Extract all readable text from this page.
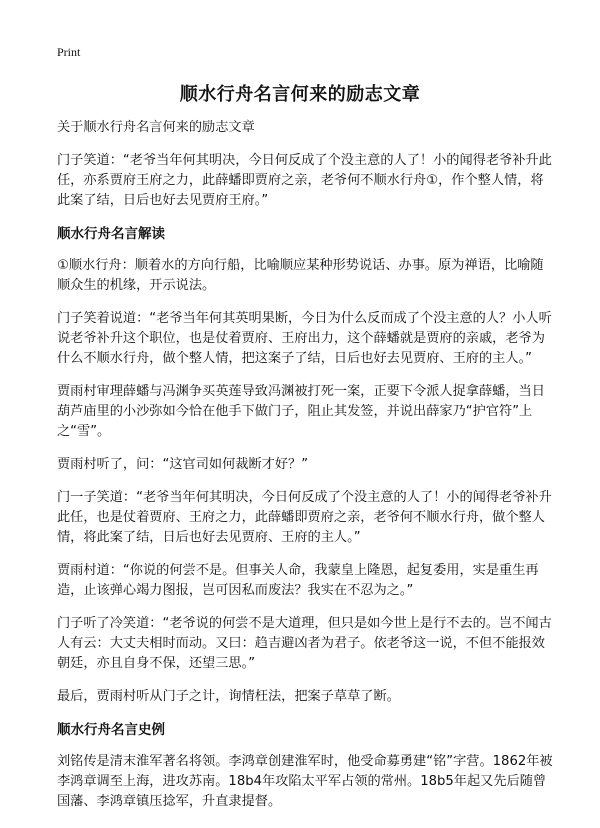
Print
顺水行舟名言何来的励志文章

关于顺水行舟名言何来的励志文章

门子笑道：“老爷当年何其明决，今日何反成了个没主意的人了！小的闻得老爷补升此任，亦系贾府王府之力，此薛蟠即贾府之亲，老爷何不顺水行舟①，作个整人情，将此案了结，日后也好去见贾府王府。”

顺水行舟名言解读

①顺水行舟：顺着水的方向行船，比喻顺应某种形势说话、办事。原为禅语，比喻随顺众生的机缘，开示说法。

门子笑着说道：“老爷当年何其英明果断，今日为什么反而成了个没主意的人？小人听说老爷补升这个职位，也是仗着贾府、王府出力，这个薛蟠就是贾府的亲戚，老爷为什么不顺水行舟，做个整人情，把这案子了结，日后也好去见贾府、王府的主人。”

贾雨村审理薛蟠与冯渊争买英莲导致冯渊被打死一案，正要下令派人捉拿薛蟠，当日葫芦庙里的小沙弥如今恰在他手下做门子，阻止其发签，并说出薛家乃“护官符”上之“雪”。

贾雨村听了，问：“这官司如何裁断才好？”

门一子笑道：“老爷当年何其明决，今日何反成了个没主意的人了！小的闻得老爷补升此任，也是仗着贾府、王府之力，此薛蟠即贾府之亲，老爷何不顺水行舟，做个整人情，将此案了结，日后也好去见贾府、王府的主人。”

贾雨村道：“你说的何尝不是。但事关人命，我蒙皇上隆恩，起复委用，实是重生再造，止该弹心竭力图报，岂可因私而废法？我实在不忍为之。”

门子听了冷笑道：“老爷说的何尝不是大道理，但只是如今世上是行不去的。岂不闻古人有云：大丈夫相时而动。又曰：趋吉避凶者为君子。依老爷这一说，不但不能报效朝廷，亦且自身不保，还望三思。”

最后，贾雨村听从门子之计，询情枉法，把案子草草了断。

顺水行舟名言史例

刘铭传是清末淮军著名将领。李鸿章创建淮军时，他受命募勇建“铭”字营。1862年被李鸿章调至上海，进攻苏南。18b4年攻陷太平军占领的常州。18b5年起又先后随曾国藩、李鸿章镇压捻军，升直隶提督。
